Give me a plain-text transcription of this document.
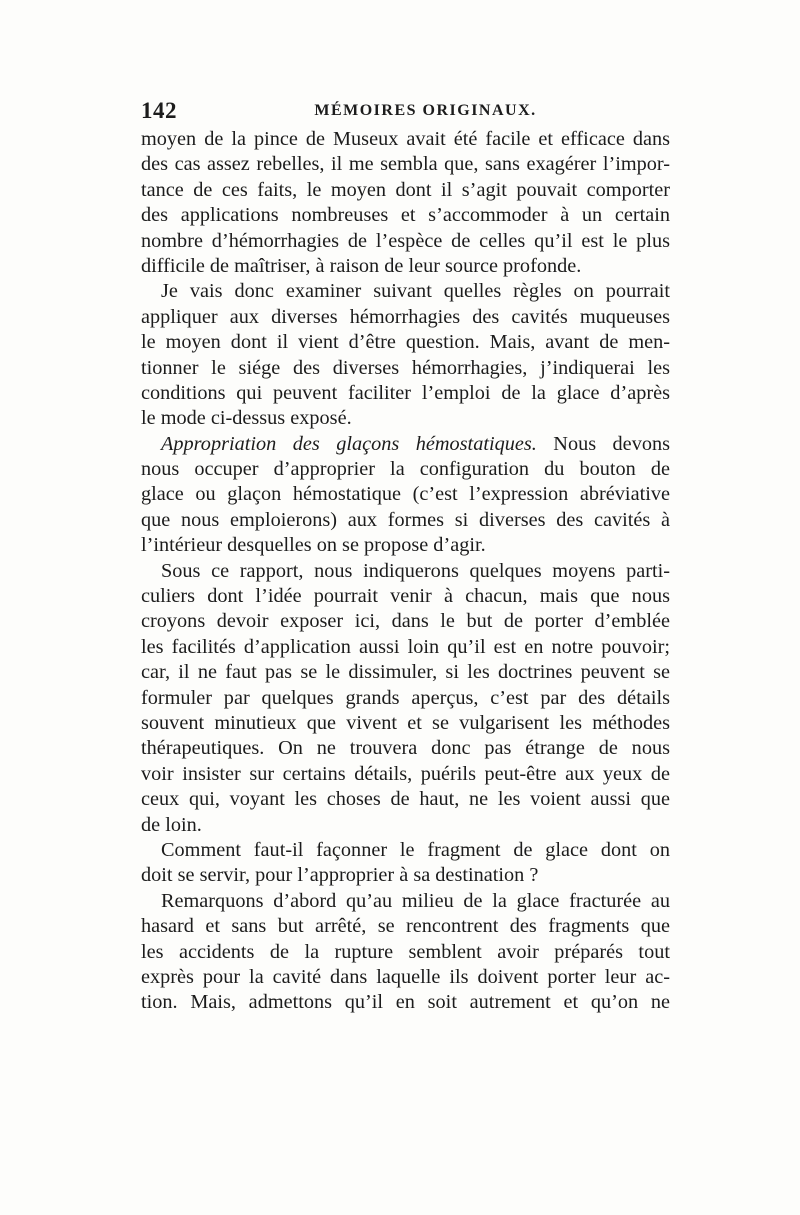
142	MÉMOIRES ORIGINAUX.
moyen de la pince de Museux avait été facile et efficace dans
des cas assez rebelles, il me sembla que, sans exagérer l’impor-
tance de ces faits, le moyen dont il s’agit pouvait comporter
des applications nombreuses et s’accommoder à un certain
nombre d’hémorrhagies de l’espèce de celles qu’il est le plus
difficile de maîtriser, à raison de leur source profonde.
Je vais donc examiner suivant quelles règles on pourrait
appliquer aux diverses hémorrhagies des cavités muqueuses
le moyen dont il vient d’être question. Mais, avant de men-
tionner le siége des diverses hémorrhagies, j’indiquerai les
conditions qui peuvent faciliter l’emploi de la glace d’après
le mode ci-dessus exposé.
Appropriation des glaçons hémostatiques. Nous devons
nous occuper d’approprier la configuration du bouton de
glace ou glaçon hémostatique (c’est l’expression abréviative
que nous emploierons) aux formes si diverses des cavités à
l’intérieur desquelles on se propose d’agir.
Sous ce rapport, nous indiquerons quelques moyens parti-
culiers dont l’idée pourrait venir à chacun, mais que nous
croyons devoir exposer ici, dans le but de porter d’emblée
les facilités d’application aussi loin qu’il est en notre pouvoir;
car, il ne faut pas se le dissimuler, si les doctrines peuvent se
formuler par quelques grands aperçus, c’est par des détails
souvent minutieux que vivent et se vulgarisent les méthodes
thérapeutiques. On ne trouvera donc pas étrange de nous
voir insister sur certains détails, puérils peut-être aux yeux de
ceux qui, voyant les choses de haut, ne les voient aussi que
de loin.
Comment faut-il façonner le fragment de glace dont on
doit se servir, pour l’approprier à sa destination ?
Remarquons d’abord qu’au milieu de la glace fracturée au
hasard et sans but arrêté, se rencontrent des fragments que
les accidents de la rupture semblent avoir préparés tout
exprès pour la cavité dans laquelle ils doivent porter leur ac-
tion. Mais, admettons qu’il en soit autrement et qu’on ne
